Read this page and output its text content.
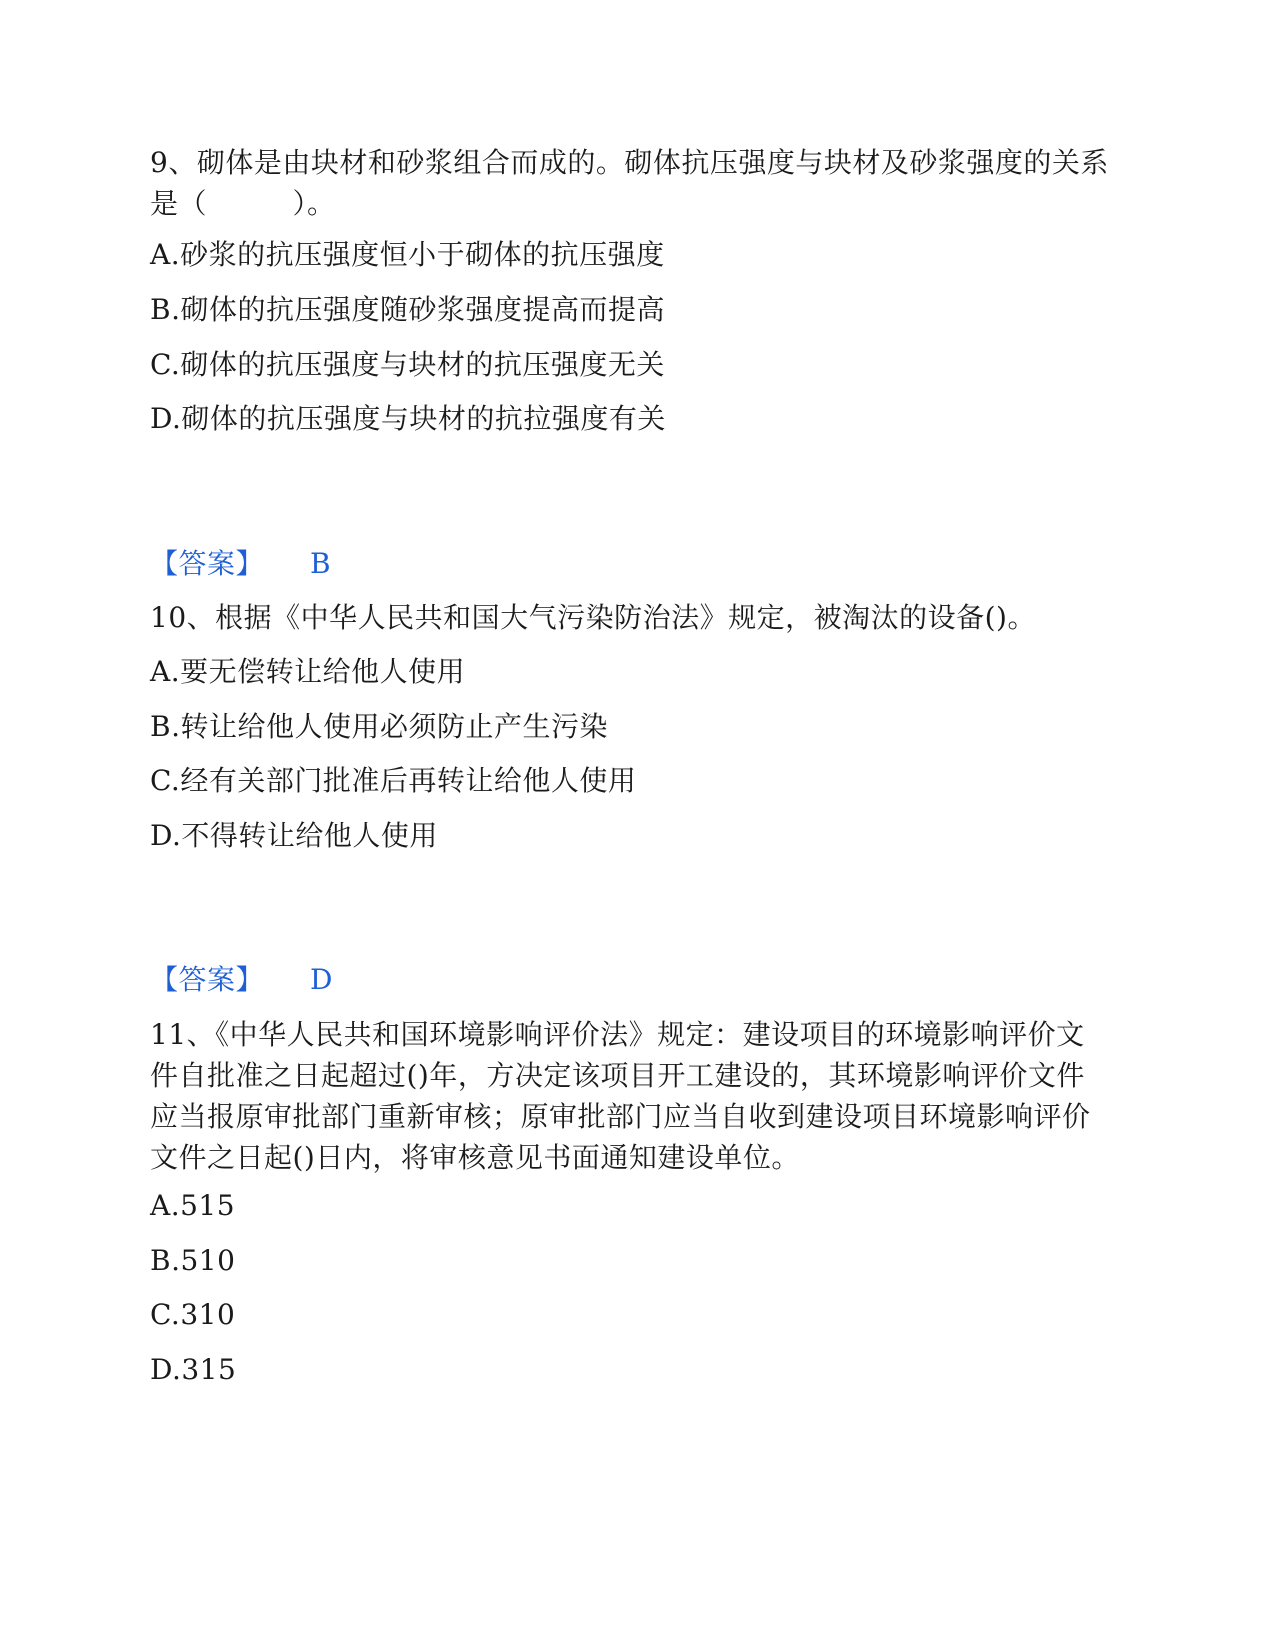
9、砌体是由块材和砂浆组合而成的。砌体抗压强度与块材及砂浆强度的关系是（　　　）。
A.砂浆的抗压强度恒小于砌体的抗压强度
B.砌体的抗压强度随砂浆强度提高而提高
C.砌体的抗压强度与块材的抗压强度无关
D.砌体的抗压强度与块材的抗拉强度有关
【答案】 B
10、根据《中华人民共和国大气污染防治法》规定，被淘汰的设备()。
A.要无偿转让给他人使用
B.转让给他人使用必须防止产生污染
C.经有关部门批准后再转让给他人使用
D.不得转让给他人使用
【答案】 D
11、《中华人民共和国环境影响评价法》规定：建设项目的环境影响评价文件自批准之日起超过()年，方决定该项目开工建设的，其环境影响评价文件应当报原审批部门重新审核；原审批部门应当自收到建设项目环境影响评价文件之日起()日内，将审核意见书面通知建设单位。
A.515
B.510
C.310
D.315
